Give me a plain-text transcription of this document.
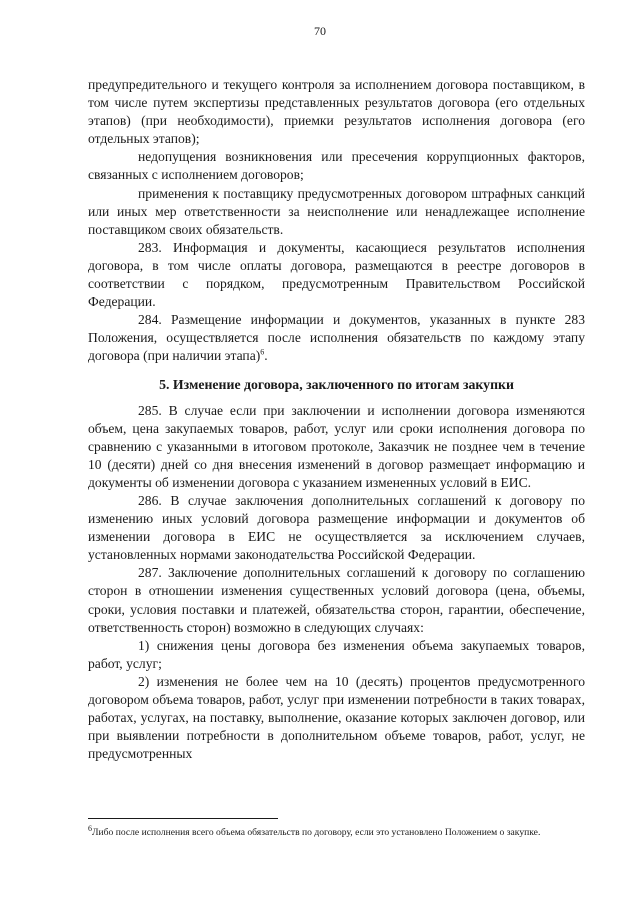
70

предупредительного и текущего контроля за исполнением договора поставщиком, в том числе путем экспертизы представленных результатов договора (его отдельных этапов) (при необходимости), приемки результатов исполнения договора (его отдельных этапов);

недопущения возникновения или пресечения коррупционных факторов, связанных с исполнением договоров;

применения к поставщику предусмотренных договором штрафных санкций или иных мер ответственности за неисполнение или ненадлежащее исполнение поставщиком своих обязательств.

283. Информация и документы, касающиеся результатов исполнения договора, в том числе оплаты договора, размещаются в реестре договоров в соответствии с порядком, предусмотренным Правительством Российской Федерации.

284. Размещение информации и документов, указанных в пункте 283 Положения, осуществляется после исполнения обязательств по каждому этапу договора (при наличии этапа)$^6$.

5. Изменение договора, заключенного по итогам закупки

285. В случае если при заключении и исполнении договора изменяются объем, цена закупаемых товаров, работ, услуг или сроки исполнения договора по сравнению с указанными в итоговом протоколе, Заказчик не позднее чем в течение 10 (десяти) дней со дня внесения изменений в договор размещает информацию и документы об изменении договора с указанием измененных условий в ЕИС.

286. В случае заключения дополнительных соглашений к договору по изменению иных условий договора размещение информации и документов об изменении договора в ЕИС не осуществляется за исключением случаев, установленных нормами законодательства Российской Федерации.

287. Заключение дополнительных соглашений к договору по соглашению сторон в отношении изменения существенных условий договора (цена, объемы, сроки, условия поставки и платежей, обязательства сторон, гарантии, обеспечение, ответственность сторон) возможно в следующих случаях:

1) снижения цены договора без изменения объема закупаемых товаров, работ, услуг;

2) изменения не более чем на 10 (десять) процентов предусмотренного договором объема товаров, работ, услуг при изменении потребности в таких товарах, работах, услугах, на поставку, выполнение, оказание которых заключен договор, или при выявлении потребности в дополнительном объеме товаров, работ, услуг, не предусмотренных

$^6$Либо после исполнения всего объема обязательств по договору, если это установлено Положением о закупке.
